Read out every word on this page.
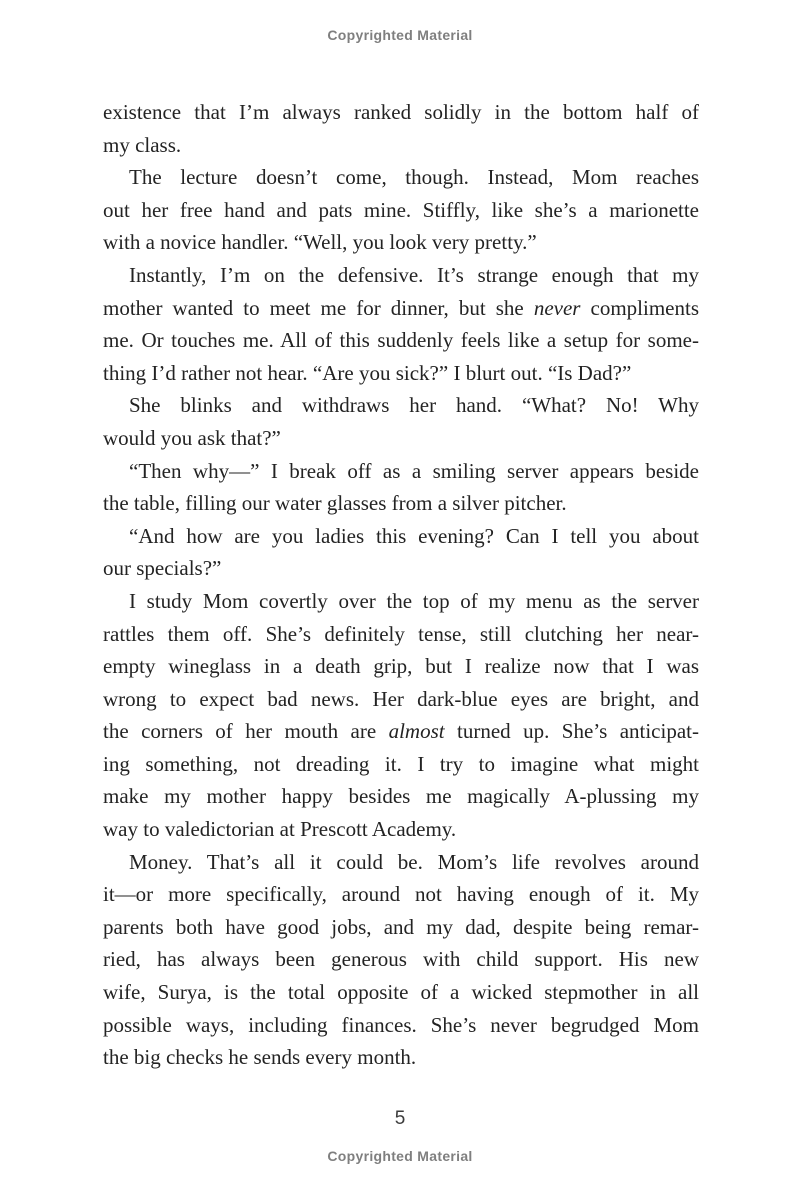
Copyrighted Material
existence that I’m always ranked solidly in the bottom half of
my class.
The lecture doesn’t come, though. Instead, Mom reaches
out her free hand and pats mine. Stiffly, like she’s a marionette
with a novice handler. “Well, you look very pretty.”
Instantly, I’m on the defensive. It’s strange enough that my
mother wanted to meet me for dinner, but she never compliments
me. Or touches me. All of this suddenly feels like a setup for some-
thing I’d rather not hear. “Are you sick?” I blurt out. “Is Dad?”
She blinks and withdraws her hand. “What? No! Why
would you ask that?”
“Then why—” I break off as a smiling server appears beside
the table, filling our water glasses from a silver pitcher.
“And how are you ladies this evening? Can I tell you about
our specials?”
I study Mom covertly over the top of my menu as the server
rattles them off. She’s definitely tense, still clutching her near-
empty wineglass in a death grip, but I realize now that I was
wrong to expect bad news. Her dark-blue eyes are bright, and
the corners of her mouth are almost turned up. She’s anticipat-
ing something, not dreading it. I try to imagine what might
make my mother happy besides me magically A-plussing my
way to valedictorian at Prescott Academy.
Money. That’s all it could be. Mom’s life revolves around
it—or more specifically, around not having enough of it. My
parents both have good jobs, and my dad, despite being remar-
ried, has always been generous with child support. His new
wife, Surya, is the total opposite of a wicked stepmother in all
possible ways, including finances. She’s never begrudged Mom
the big checks he sends every month.
5
Copyrighted Material
